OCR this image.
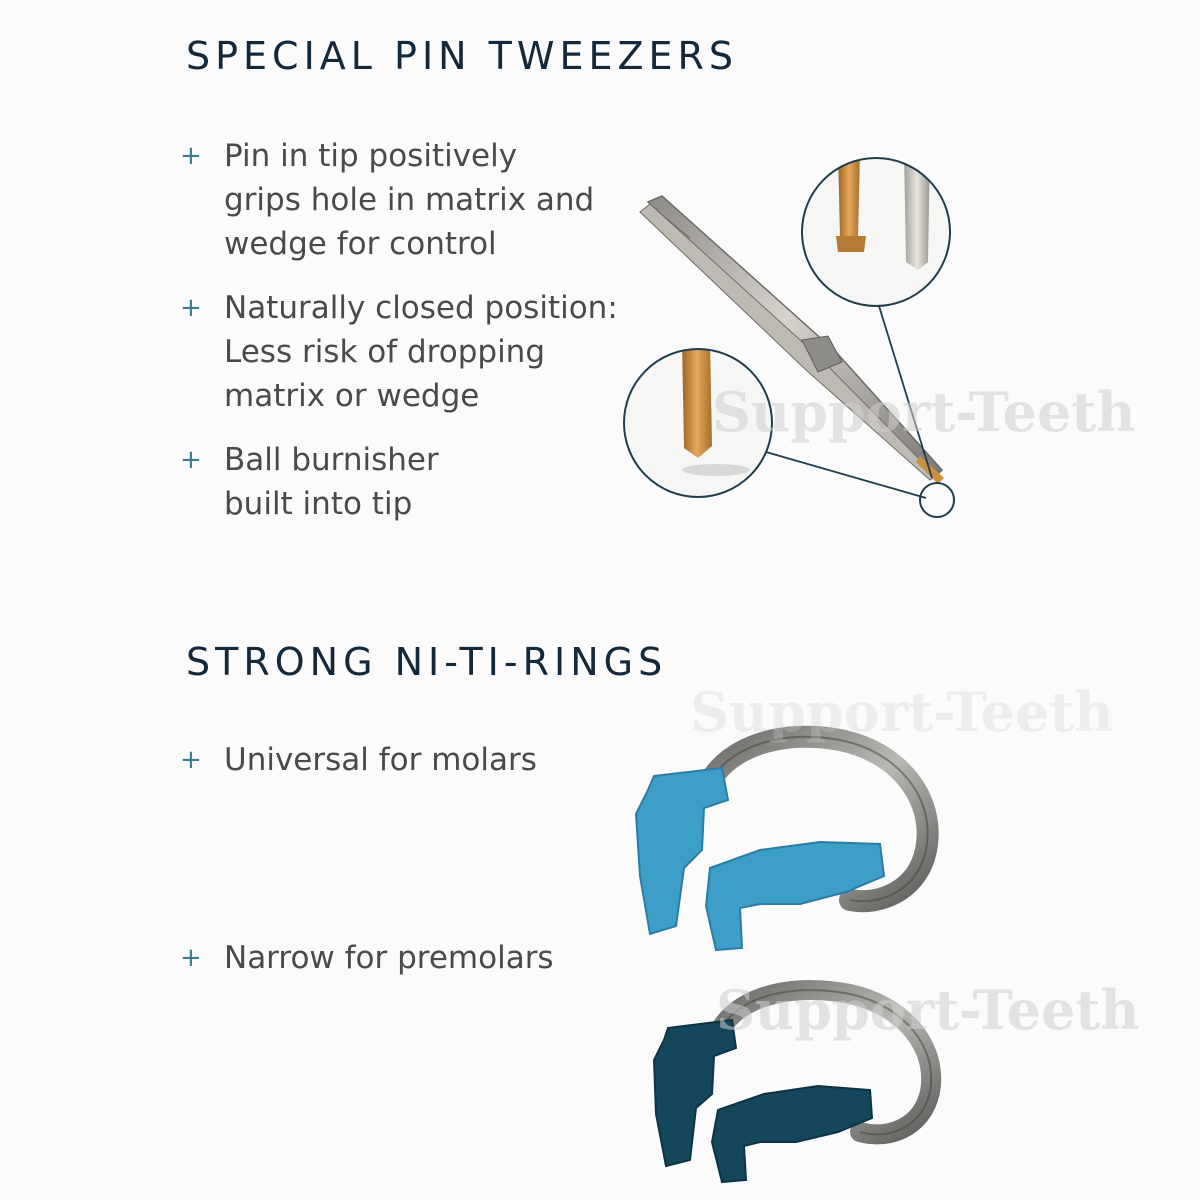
SPECIAL PIN TWEEZERS
+ Pin in tip positively
grips hole in matrix and
wedge for control
+ Naturally closed position:
Less risk of dropping
matrix or wedge
+ Ball burnisher
built into tip
STRONG NI-TI-RINGS
+ Universal for molars
+ Narrow for premolars
Support-Teeth
Support-Teeth
Support-Teeth
